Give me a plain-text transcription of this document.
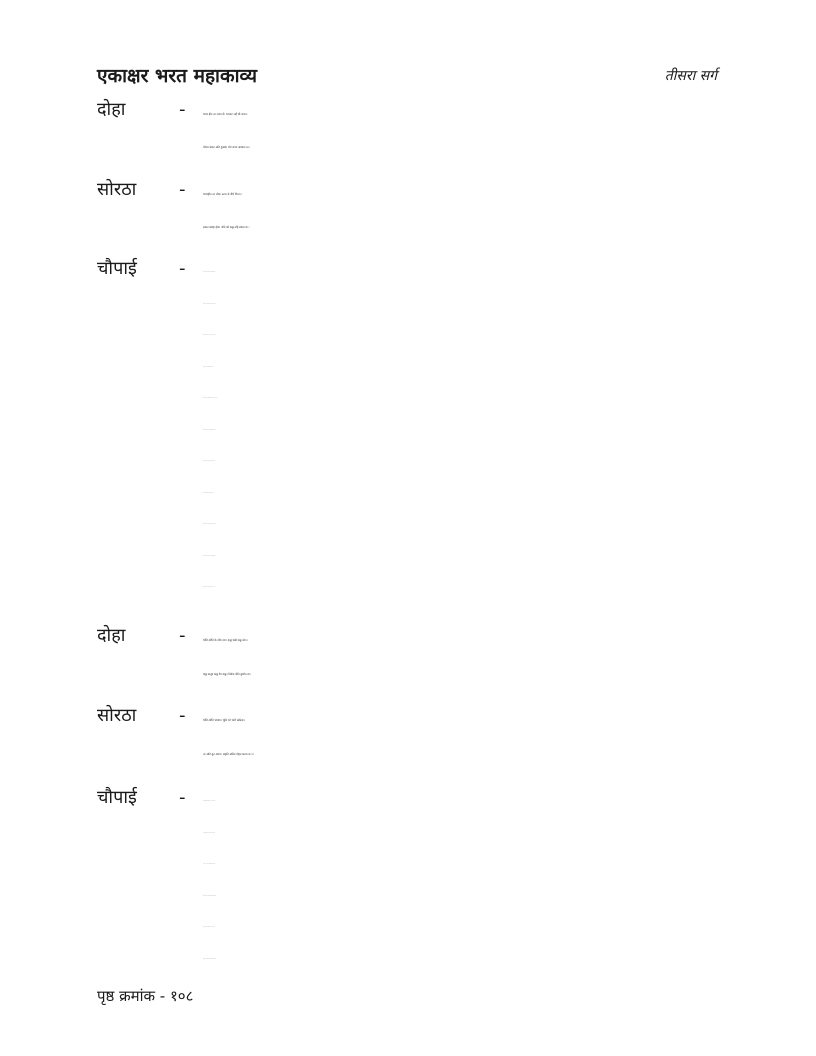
एकाक्षर भरत महाकाव्य	तीसरा सर्ग
दोहा	-	भाग्य हीन नर जगत में। भगकर जहँ भी जात।।
भोगत संकट अति दुःखद। घोर लगत आधात।।८।।
सोरठा -	भाग्यहीन नर जोय। ऊपर से नीचे गिरत।।
सम्पट स्वाहा होय। जीने को कछु नहिं बचत।।९।।
चौपाई -
दोहा	-	भाँति-भाँति के जीव जग। कछु पक्षी कछु ढोर।।
कछु मानुष कछु देव कछु। तिर्यक योनि कुघोर।।९।।
सोरठा -	भाँति-भाँति भण्डार। भूमि भरे भारी खनिज।।
नर अति कूर अपार। प्रकृति अमित दोहन करत।।१०।।
चौपाई -
पृष्ठ क्रमांक - १०८
